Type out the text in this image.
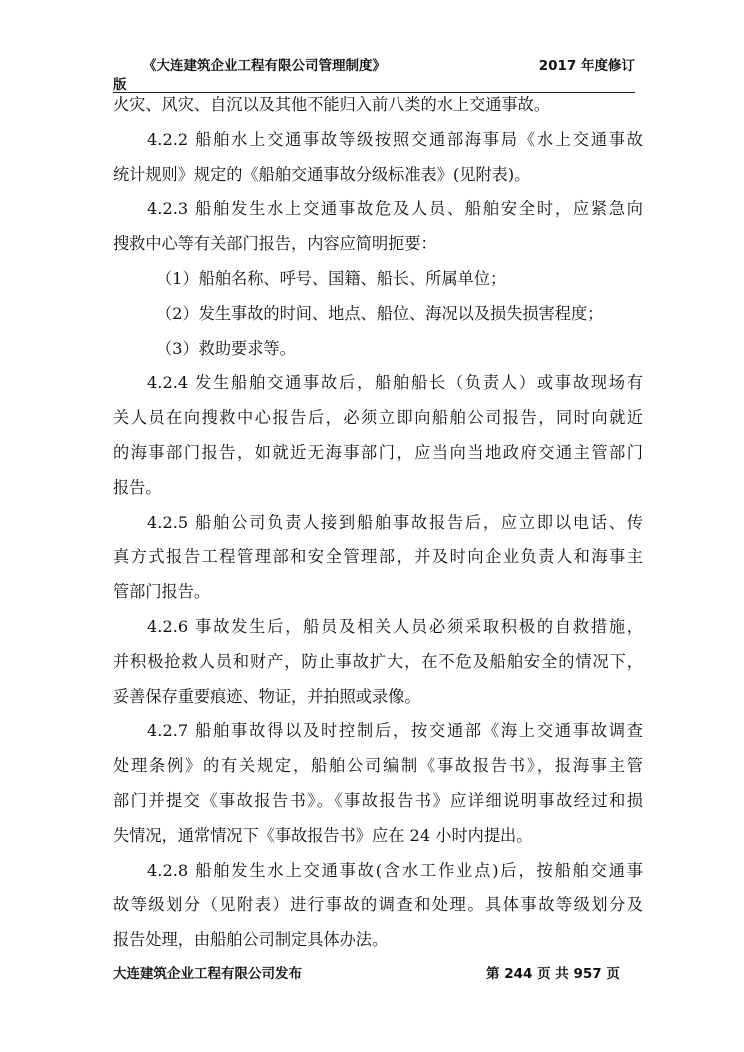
《大连建筑企业工程有限公司管理制度》	2017 年度修订
版
火灾、风灾、自沉以及其他不能归入前八类的水上交通事故。
4.2.2 船舶水上交通事故等级按照交通部海事局《水上交通事故
统计规则》规定的《船舶交通事故分级标准表》(见附表)。
4.2.3 船舶发生水上交通事故危及人员、船舶安全时，应紧急向
搜救中心等有关部门报告，内容应简明扼要：
（1）船舶名称、呼号、国籍、船长、所属单位；
（2）发生事故的时间、地点、船位、海况以及损失损害程度；
（3）救助要求等。
4.2.4 发生船舶交通事故后，船舶船长（负责人）或事故现场有
关人员在向搜救中心报告后，必须立即向船舶公司报告，同时向就近
的海事部门报告，如就近无海事部门，应当向当地政府交通主管部门
报告。
4.2.5 船舶公司负责人接到船舶事故报告后，应立即以电话、传
真方式报告工程管理部和安全管理部，并及时向企业负责人和海事主
管部门报告。
4.2.6 事故发生后，船员及相关人员必须采取积极的自救措施，
并积极抢救人员和财产，防止事故扩大，在不危及船舶安全的情况下，
妥善保存重要痕迹、物证，并拍照或录像。
4.2.7 船舶事故得以及时控制后，按交通部《海上交通事故调查
处理条例》的有关规定，船舶公司编制《事故报告书》，报海事主管
部门并提交《事故报告书》。《事故报告书》应详细说明事故经过和损
失情况，通常情况下《事故报告书》应在 24 小时内提出。
4.2.8 船舶发生水上交通事故(含水工作业点)后，按船舶交通事
故等级划分（见附表）进行事故的调查和处理。具体事故等级划分及
报告处理，由船舶公司制定具体办法。
大连建筑企业工程有限公司发布	第 244 页 共 957 页
